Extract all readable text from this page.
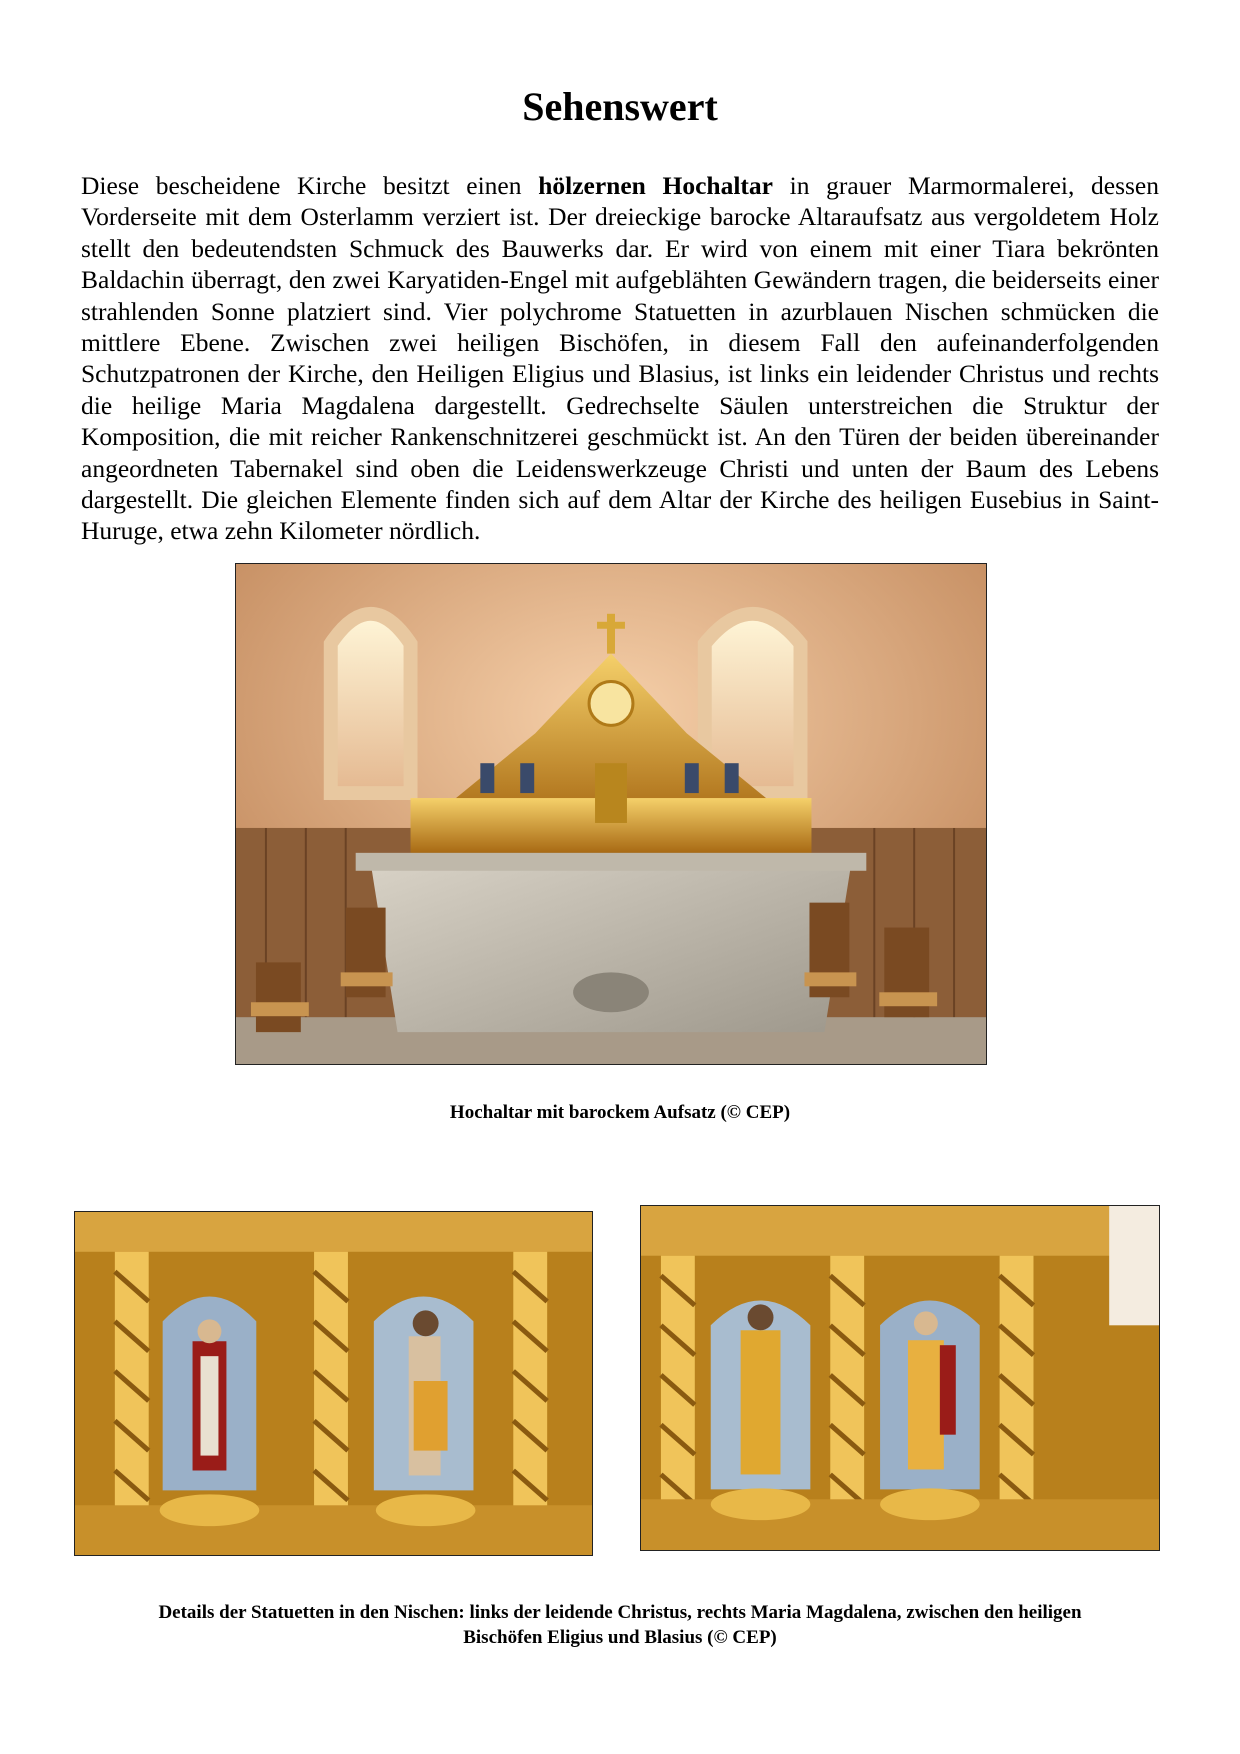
Sehenswert
Diese bescheidene Kirche besitzt einen hölzernen Hochaltar in grauer Marmormalerei, dessen Vorderseite mit dem Osterlamm verziert ist. Der dreieckige barocke Altaraufsatz aus vergoldetem Holz stellt den bedeutendsten Schmuck des Bauwerks dar. Er wird von einem mit einer Tiara bekrönten Baldachin überragt, den zwei Karyatiden-Engel mit aufgeblähten Gewändern tragen, die beiderseits einer strahlenden Sonne platziert sind. Vier polychrome Statuetten in azurblauen Nischen schmücken die mittlere Ebene. Zwischen zwei heiligen Bischöfen, in diesem Fall den aufeinanderfolgenden Schutzpatronen der Kirche, den Heiligen Eligius und Blasius, ist links ein leidender Christus und rechts die heilige Maria Magdalena dargestellt. Gedrechselte Säulen unterstreichen die Struktur der Komposition, die mit reicher Rankenschnitzerei geschmückt ist. An den Türen der beiden übereinander angeordneten Tabernakel sind oben die Leidenswerkzeuge Christi und unten der Baum des Lebens dargestellt. Die gleichen Elemente finden sich auf dem Altar der Kirche des heiligen Eusebius in Saint-Huruge, etwa zehn Kilometer nördlich.
Hochaltar mit barockem Aufsatz (© CEP)
Details der Statuetten in den Nischen: links der leidende Christus, rechts Maria Magdalena, zwischen den heiligen
Bischöfen Eligius und Blasius (© CEP)
